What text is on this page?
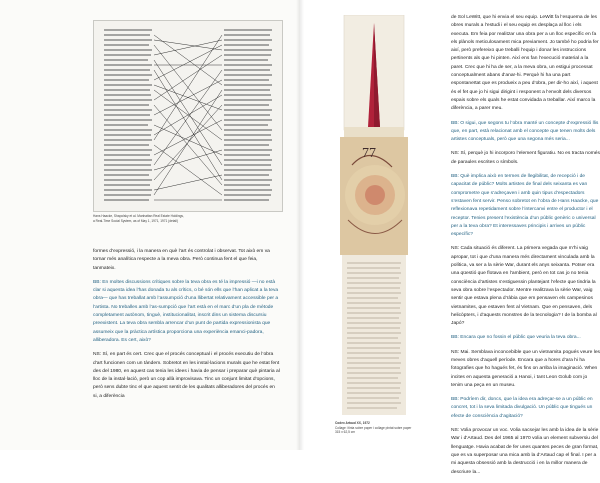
Hans Haacke, Shapolsky et al. Manhattan Real Estate Holdings,
a Real-Time Social System, as of May 1, 1971, 1971 (detall)

formes d’expressió, i la manera en què l’art és controlat i observat. Tot això em va tornar més analítica respecte a la meva obra. Però continua fent el que feia, tanmateix.

BB: En moltes discussions crítiques sobre la teva obra es té la impressió —i no està clar si aquesta idea l’has donada tu als crítics, o bé són ells que l’han aplicat a la teva obra— que has treballat amb l’assumpció d’una llibertat relativament accessible per a l’artista. No treballes amb l’as-sumpció que l’art està en el marc d’un pla de mètode completament autònom, tinguè, institucionalitat, inscrit dins un sistema discursiu preexistent. La teva obra sembla arrencar d’un punt de partida expressionista que assumeix que la pràctica artística proporciona una experiència emanci-padora, alliberadora. Es cert, això?

NS: Sí, en part és cert. Crec que el procés conceptual i el procés executiu de l’obra d’art funcionen com un tàndem. Sobretot en les instal·lacions murals que he estat fent des del 1980, en aquest cas tenia les idees i havia de pensar i preparar què pintaria al lloc de la instal·lació, però un cop allà improvisava. Tinc un conjunt limitat d’opcions, però sens dubte tinc el que aquest sentit de les qualitats alliberadores del procés en si, a diferència

77
Codex Artaud XX, 1972
Collage i tinta sobre paper i collage pintat sobre paper
315 x 62,5 cm

de Sol LeWitt, que hi envia el seu equip. LeWitt fa l’esquema de les obres murals a l’estudi i el seu equip es desplaça al lloc i els executa. Em feia por realitzar una obra per a un lloc específic en fa els plànols meticulosament mica previament. Jo també ho podria fer així, però prefereixo que treballi l’equip i donar les instruccions pertinents als que hi pinten. Així ens fan l’execució material a la paret. Crec que hi ha de ser, a la meva obra, un estigui processat conceptualment abans d’anar-hi. Perquè hi ha una part espontaneïtat que es produeix a peu d’obra, per dir-ho així, i aquest és el fet que jo hi sigui dirigint i responent a l’envolt dels diversos espais sobre els quals he estat convidada a treballar. Així marco la diferència, a parer meu.

BB: O sigui, que segons tu l’obra manté un concepte d’expressió llis que, en part, està relacionat amb el concepte que tenen molts dels artistes conceptuals, però que una segona més seria...

NS: Sí, perquè jo hi incorporo l’element figuratiu. No es tracta només de paraules escrites o símbols.

BB: Què implica això en termes de llegibilitat, de recepció i de capacitat de públic? Molts artistes de final dels seixanta es van comprometre que s’adreçaven i amb quin tipus d’espectadors s’estaven fent servir. Penso sobretot en l’obra de Hans Haacke, que reflexionava repetidament sobre l’intercanvi entre el productor i el receptor. Tenies present l’existència d’un públic genèric o universal per a la teva obra? Et interessaves principis i arrives un públic específic?

NS: Cada situació és diferent. La primera vegada que m’hi vaig apropar, tot i que d’una manera més directament vinculada amb la política, va ser a la sèrie War, durant els anys seixanta. Potser era una qüestió que flotava en l’ambient, però en tot cas jo no tenia consciència d’artistes s’estiguessin plantejant l’efecte que tindria la seva obra sobre l’espectador. Mentre realitzava la sèrie War, vaig sentir que estava plena d’ràbia que em pensaven els campesinos vietnamites, que estaven fent al Vietnam. Que en pensaven, dels helicòpters, i d’aquests monstres de la tecnologia? I de la bomba al Japó?

BB: Encara que no fossin el públic que veuria la teva obra...

NS: Mai. Semblava inconcebible que un vietnamita pogués veure les meves obres d’aquell període. Encara que a hores d’ara hi ha fotografies que ho hagués fet, és fins on arriba la imaginació. When incites en aquesta generació a Hanoi, i tant Leon Golub com jo tenim una peça en un museu.

BB: Podríem dir, doncs, que la idea era adreçar-se a un públic en concret, tot i la seva limitada divulgació. Un públic que tingués un efecte de consciència d’agitació?

NS: Volia provocar un voc. Volia sacsejar les amb la idea de la sèrie War i d’Artaud. Des del 1965 al 1970 volia un element subversiu del llenguatge. Havia acabat de fer unes quantes peces de gran format, que es va superposar una mica amb la d’Artaud cap el final. I per a mi aquesta obsessió amb la destrucció i en la millor manera de descriure la...
